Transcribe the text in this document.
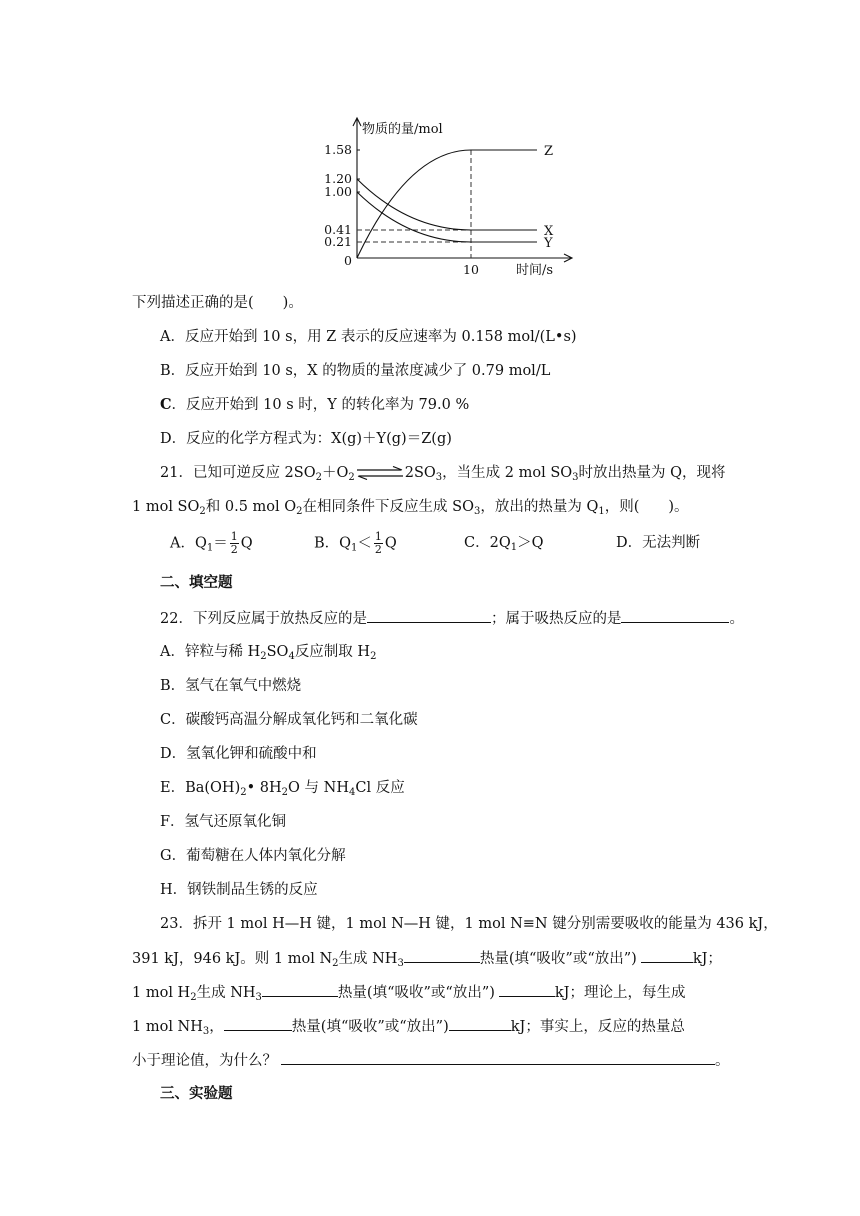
物质的量/mol
时间/s
1.58
1.20
1.00
0.41
0.21
0
10
Z
X
Y
下列描述正确的是(　　)。
A．反应开始到 10 s，用 Z 表示的反应速率为 0.158 mol/(L•s)
B．反应开始到 10 s，X 的物质的量浓度减少了 0.79 mol/L
C．反应开始到 10 s 时，Y 的转化率为 79.0 %
D．反应的化学方程式为：X(g)＋Y(g)＝Z(g)
21．已知可逆反应 $2SO_2+O_2\rightleftharpoons 2SO_3$，当生成 2 mol $SO_3$时放出热量为 Q，现将
1 mol $SO_2$和 0.5 mol $O_2$在相同条件下反应生成 $SO_3$，放出的热量为 $Q_1$，则(　　)。
A．$Q_1= \frac{1}{2}$ Q	B．$Q_1< \frac{1}{2}$ Q	C．$2Q_1>Q$	D．无法判断
二、填空题
22．下列反应属于放热反应的是	；属于吸热反应的是	。
A．锌粒与稀 $H_2SO_4$反应制取 $H_2$
B．氢气在氧气中燃烧
C．碳酸钙高温分解成氧化钙和二氧化碳
D．氢氧化钾和硫酸中和
E．$Ba(OH)_2•$ $8H_2O$ 与 $NH_4Cl$ 反应
F．氢气还原氧化铜
G．葡萄糖在人体内氧化分解
H．钢铁制品生锈的反应
23．拆开 1 mol H—H 键，1 mol N—H 键，1 mol N≡N 键分别需要吸收的能量为 436 kJ，
391 kJ，946 kJ。则 1 mol $N_2$生成 $NH_3$	热量(填“吸收”或“放出”)	kJ；
1 mol $H_2$生成 $NH_3$	热量(填“吸收”或“放出”)	kJ；理论上，每生成
1 mol $NH_3$，	热量(填“吸收”或“放出”)	kJ；事实上，反应的热量总
小于理论值，为什么？	。
三、实验题
